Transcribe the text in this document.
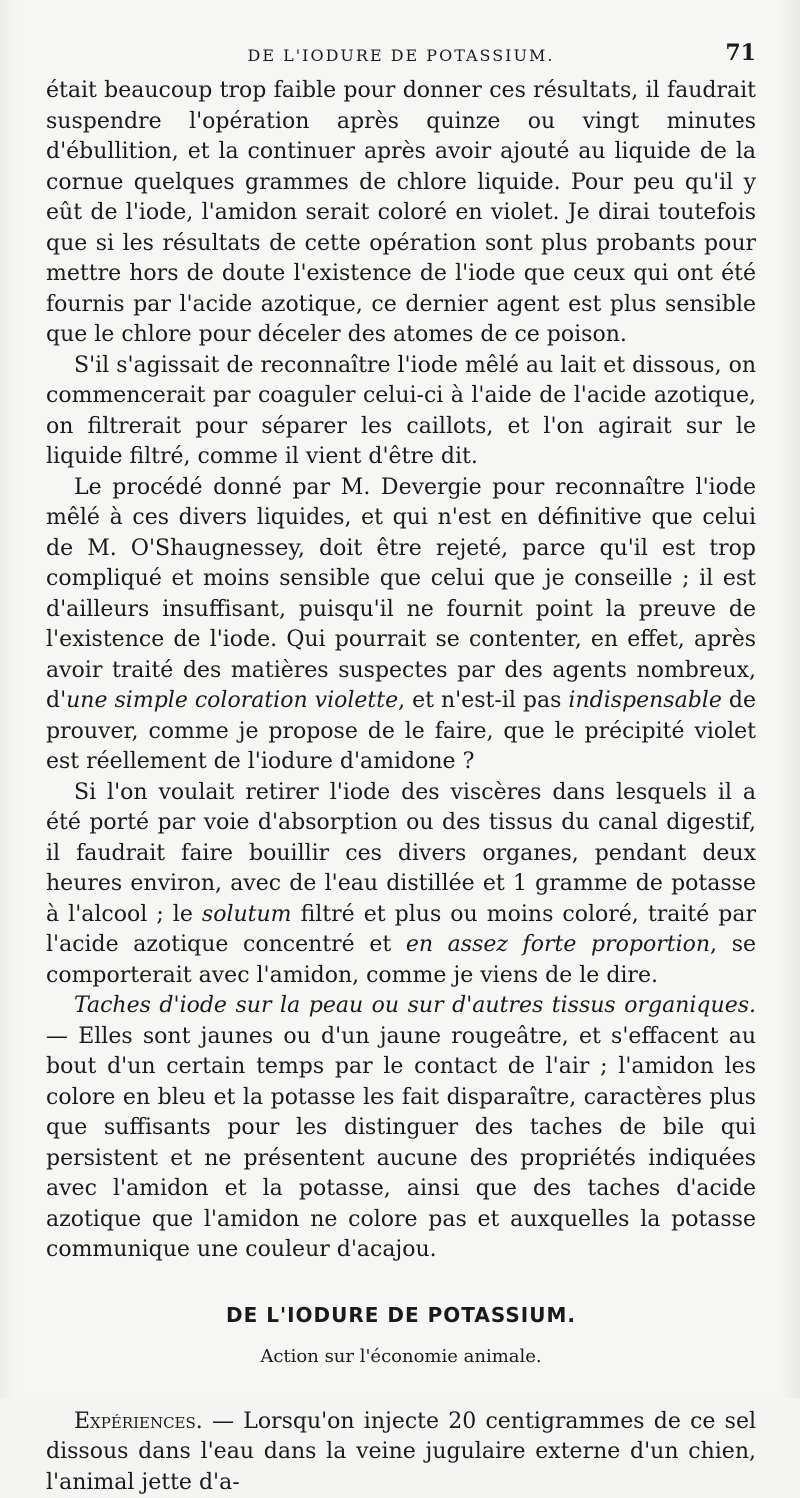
DE L'IODURE DE POTASSIUM.	71

était beaucoup trop faible pour donner ces résultats, il faudrait suspendre l'opération après quinze ou vingt minutes d'ébullition, et la continuer après avoir ajouté au liquide de la cornue quelques grammes de chlore liquide. Pour peu qu'il y eût de l'iode, l'amidon serait coloré en violet. Je dirai toutefois que si les résultats de cette opération sont plus probants pour mettre hors de doute l'existence de l'iode que ceux qui ont été fournis par l'acide azotique, ce dernier agent est plus sensible que le chlore pour déceler des atomes de ce poison.

S'il s'agissait de reconnaître l'iode mêlé au lait et dissous, on commencerait par coaguler celui-ci à l'aide de l'acide azotique, on filtrerait pour séparer les caillots, et l'on agirait sur le liquide filtré, comme il vient d'être dit.

Le procédé donné par M. Devergie pour reconnaître l'iode mêlé à ces divers liquides, et qui n'est en définitive que celui de M. O'Shaugnessey, doit être rejeté, parce qu'il est trop compliqué et moins sensible que celui que je conseille ; il est d'ailleurs insuffisant, puisqu'il ne fournit point la preuve de l'existence de l'iode. Qui pourrait se contenter, en effet, après avoir traité des matières suspectes par des agents nombreux, d'une simple coloration violette, et n'est-il pas indispensable de prouver, comme je propose de le faire, que le précipité violet est réellement de l'iodure d'amidone ?

Si l'on voulait retirer l'iode des viscères dans lesquels il a été porté par voie d'absorption ou des tissus du canal digestif, il faudrait faire bouillir ces divers organes, pendant deux heures environ, avec de l'eau distillée et 1 gramme de potasse à l'alcool ; le solutum filtré et plus ou moins coloré, traité par l'acide azotique concentré et en assez forte proportion, se comporterait avec l'amidon, comme je viens de le dire.

Taches d'iode sur la peau ou sur d'autres tissus organiques. — Elles sont jaunes ou d'un jaune rougeâtre, et s'effacent au bout d'un certain temps par le contact de l'air ; l'amidon les colore en bleu et la potasse les fait disparaître, caractères plus que suffisants pour les distinguer des taches de bile qui persistent et ne présentent aucune des propriétés indiquées avec l'amidon et la potasse, ainsi que des taches d'acide azotique que l'amidon ne colore pas et auxquelles la potasse communique une couleur d'acajou.

DE L'IODURE DE POTASSIUM.
Action sur l'économie animale.

Expériences. — Lorsqu'on injecte 20 centigrammes de ce sel dissous dans l'eau dans la veine jugulaire externe d'un chien, l'animal jette d'a-
